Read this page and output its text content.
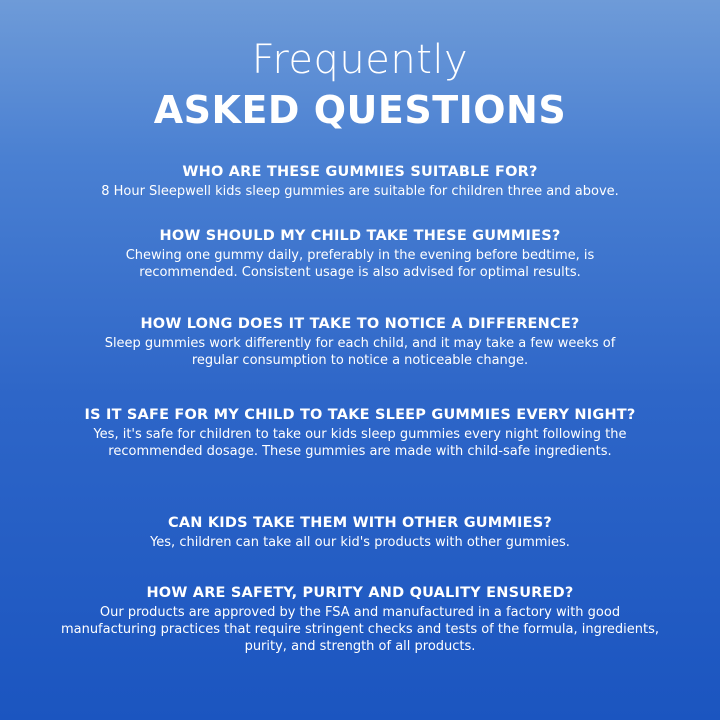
Frequently
ASKED QUESTIONS
WHO ARE THESE GUMMIES SUITABLE FOR?
8 Hour Sleepwell kids sleep gummies are suitable for children three and above.
HOW SHOULD MY CHILD TAKE THESE GUMMIES?
Chewing one gummy daily, preferably in the evening before bedtime, is recommended. Consistent usage is also advised for optimal results.
HOW LONG DOES IT TAKE TO NOTICE A DIFFERENCE?
Sleep gummies work differently for each child, and it may take a few weeks of regular consumption to notice a noticeable change.
IS IT SAFE FOR MY CHILD TO TAKE SLEEP GUMMIES EVERY NIGHT?
Yes, it's safe for children to take our kids sleep gummies every night following the recommended dosage. These gummies are made with child-safe ingredients.
CAN KIDS TAKE THEM WITH OTHER GUMMIES?
Yes, children can take all our kid's products with other gummies.
HOW ARE SAFETY, PURITY AND QUALITY ENSURED?
Our products are approved by the FSA and manufactured in a factory with good manufacturing practices that require stringent checks and tests of the formula, ingredients, purity, and strength of all products.
